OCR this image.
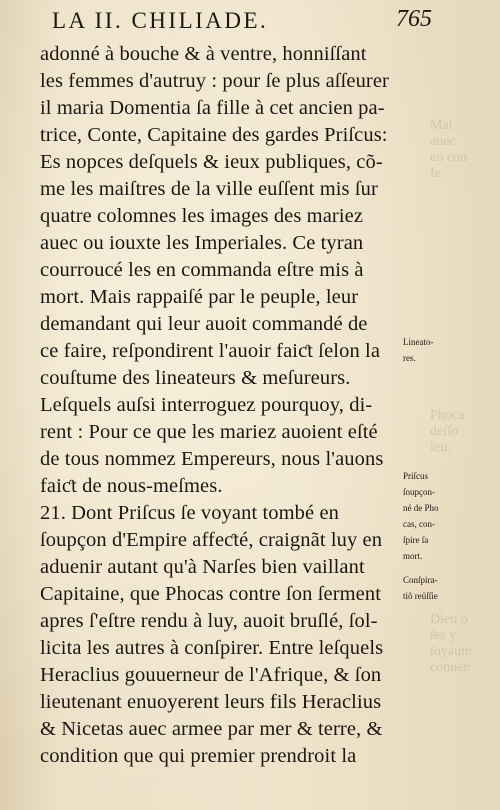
Mai
auec
en con
fe
Phoca
deſſo
leu.
Dieu o
ſes y
ſoyaum
conuen
LA II. CHILIADE.	765
adonné à bouche & à ventre, honniſſant
les femmes d'autruy : pour ſe plus aſſeurer
il maria Domentia ſa fille à cet ancien pa-
trice, Conte, Capitaine des gardes Priſcus:
Es nopces deſquels & ieux publiques, cõ-
me les maiſtres de la ville euſſent mis ſur
quatre colomnes les images des mariez
auec ou iouxte les Imperiales. Ce tyran
courroucé les en commanda eſtre mis à
mort. Mais rappaiſé par le peuple, leur
demandant qui leur auoit commandé de
ce faire, reſpondirent l'auoir faiƈt ſelon la
couſtume des lineateurs & meſureurs.
Leſquels auſsi interroguez pourquoy, di-
rent : Pour ce que les mariez auoient eſté
de tous nommez Empereurs, nous l'auons
faiƈt de nous-meſmes.
21. Dont Priſcus ſe voyant tombé en
ſoupçon d'Empire affeƈté, craignãt luy en
aduenir autant qu'à Narſes bien vaillant
Capitaine, que Phocas contre ſon ſerment
apres ſ'eſtre rendu à luy, auoit bruſlé, ſol-
licita les autres à conſpirer. Entre leſquels
Heraclius gouuerneur de l'Afrique, & ſon
lieutenant enuoyerent leurs fils Heraclius
& Nicetas auec armee par mer & terre, &
condition que qui premier prendroit la
Lineato-
res.
Priſcus
ſoupçon-
né de Pho
cas, con-
ſpire ſa
mort.
Conſpira-
tiõ reüſſie
